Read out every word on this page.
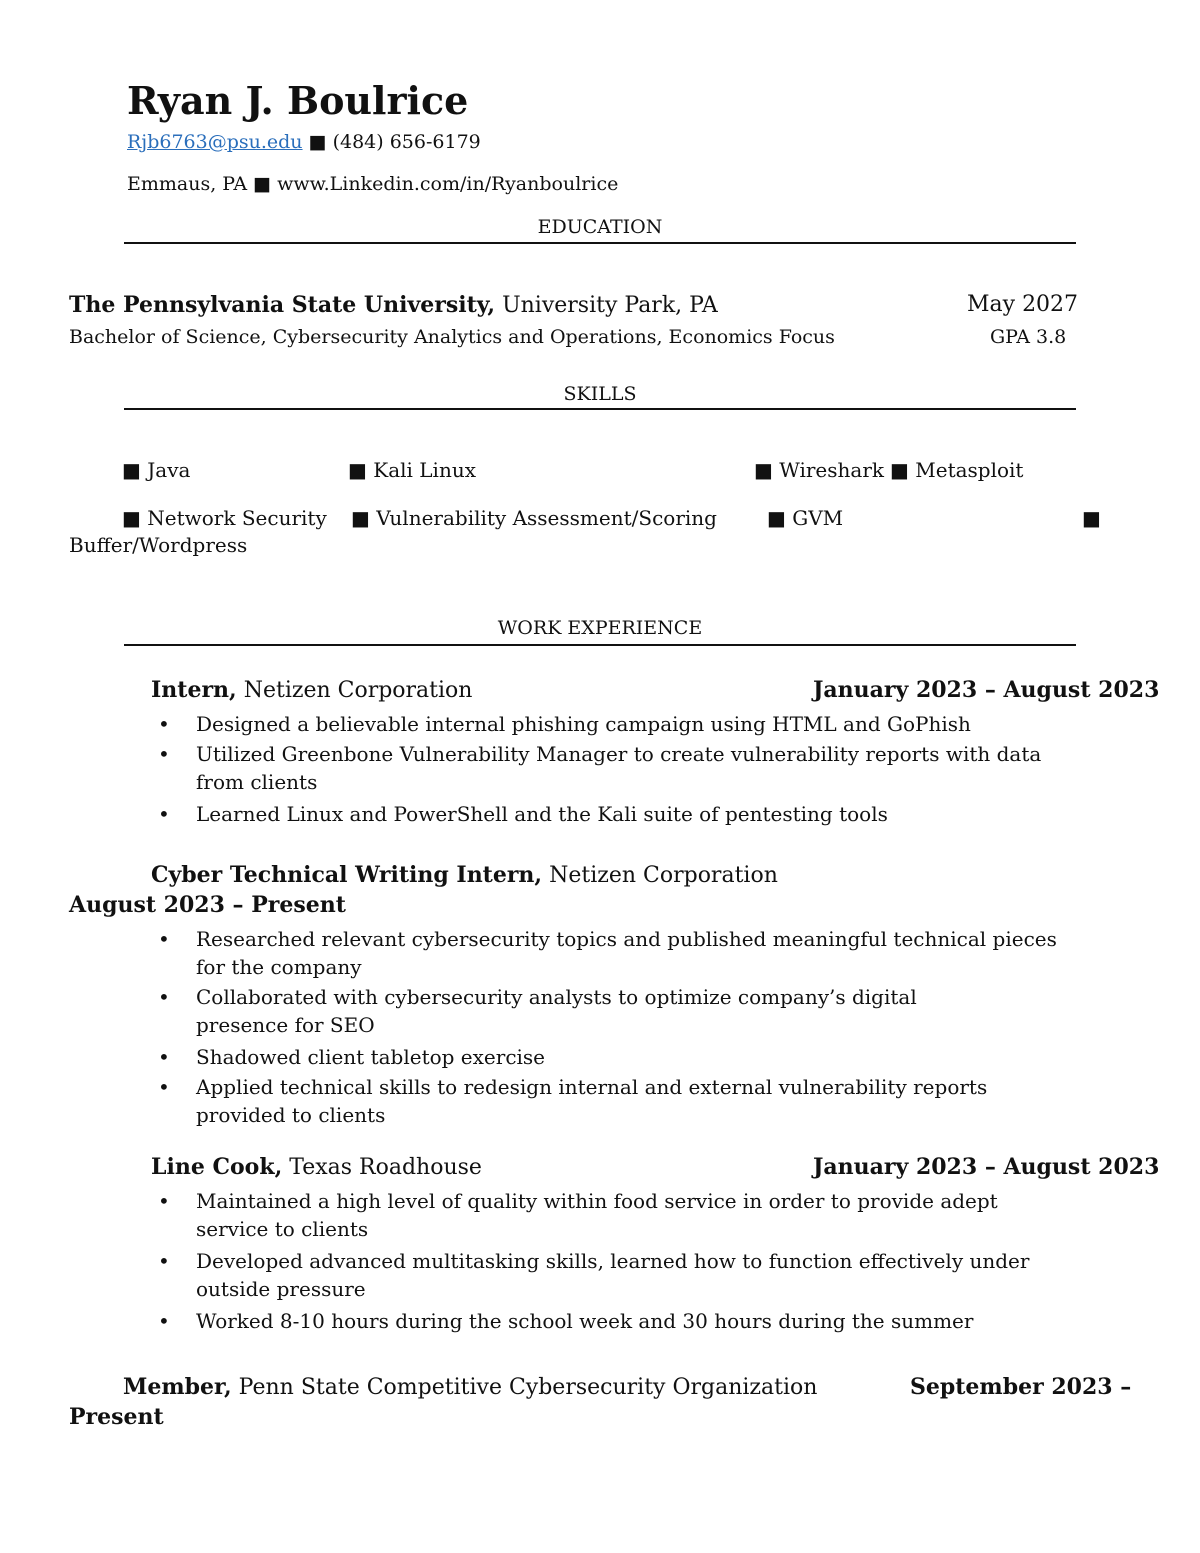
Ryan J. Boulrice
Rjb6763@psu.edu ■ (484) 656-6179
Emmaus, PA ■ www.Linkedin.com/in/Ryanboulrice
EDUCATION
The Pennsylvania State University, University Park, PA	May 2027
Bachelor of Science, Cybersecurity Analytics and Operations, Economics Focus	GPA 3.8
SKILLS
■ Java	■ Kali Linux	■ Wireshark ■ Metasploit
■ Network Security ■ Vulnerability Assessment/Scoring	■ GVM	■
Buffer/Wordpress
WORK EXPERIENCE
Intern, Netizen Corporation	January 2023 – August 2023
• Designed a believable internal phishing campaign using HTML and GoPhish
• Utilized Greenbone Vulnerability Manager to create vulnerability reports with data from clients
• Learned Linux and PowerShell and the Kali suite of pentesting tools
Cyber Technical Writing Intern, Netizen Corporation
August 2023 – Present
• Researched relevant cybersecurity topics and published meaningful technical pieces for the company
• Collaborated with cybersecurity analysts to optimize company’s digital presence for SEO
• Shadowed client tabletop exercise
• Applied technical skills to redesign internal and external vulnerability reports provided to clients
Line Cook, Texas Roadhouse	January 2023 – August 2023
• Maintained a high level of quality within food service in order to provide adept service to clients
• Developed advanced multitasking skills, learned how to function effectively under outside pressure
• Worked 8-10 hours during the school week and 30 hours during the summer
Member, Penn State Competitive Cybersecurity Organization	September 2023 –
Present
